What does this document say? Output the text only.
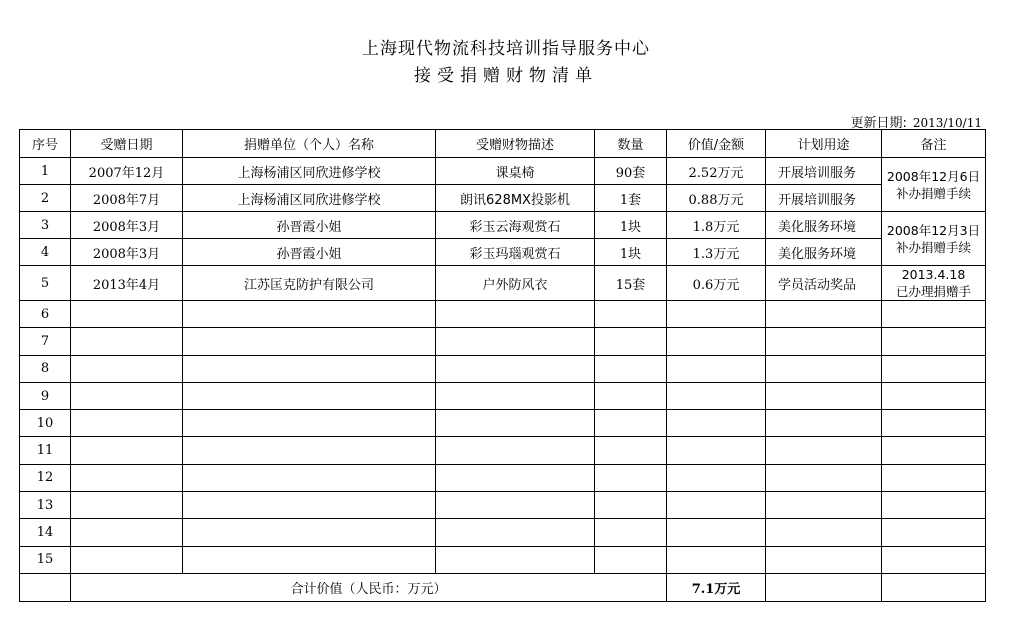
上海现代物流科技培训指导服务中心
接受捐赠财物清单
更新日期: 2013/10/11
序号	受赠日期	捐赠单位（个人）名称	受赠财物描述	数量	价值/金额	计划用途	备注
1	2007年12月	上海杨浦区同欣进修学校	课桌椅	90套	2.52万元	开展培训服务	2008年12月6日
补办捐赠手续

2	2008年7月	上海杨浦区同欣进修学校	朗讯628MX投影机	1套	0.88万元	开展培训服务	
3	2008年3月	孙晋霞小姐	彩玉云海观赏石	1块	1.8万元	美化服务环境	2008年12月3日
补办捐赠手续

4	2008年3月	孙晋霞小姐	彩玉玛瑙观赏石	1块	1.3万元	美化服务环境	
5	2013年4月	江苏匡克防护有限公司	户外防风衣	15套	0.6万元	学员活动奖品	2013.4.18
已办理捐赠手

6							
7							
8							
9							
10							
11							
12							
13							
14							
15							
	合计价值（人民币：万元）				7.1万元		
